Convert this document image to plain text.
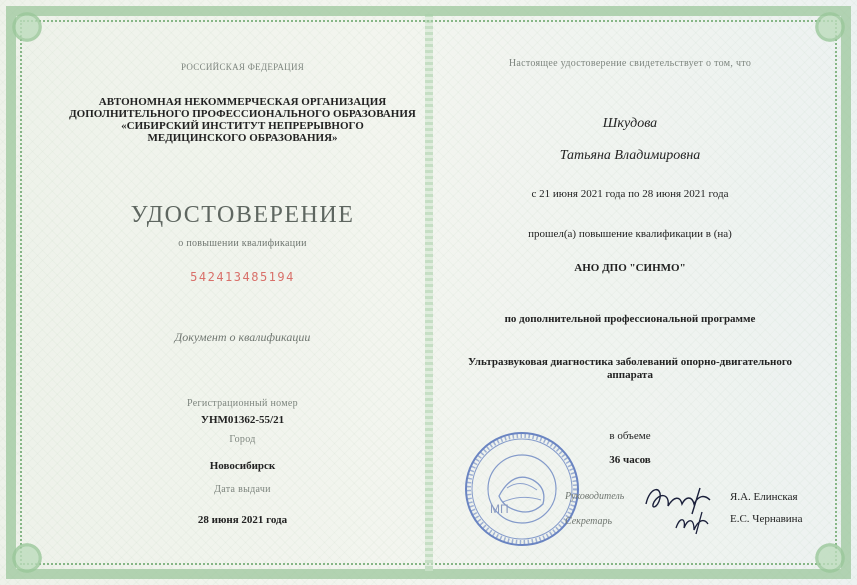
РОССИЙСКАЯ ФЕДЕРАЦИЯ
АВТОНОМНАЯ НЕКОММЕРЧЕСКАЯ ОРГАНИЗАЦИЯ
ДОПОЛНИТЕЛЬНОГО ПРОФЕССИОНАЛЬНОГО ОБРАЗОВАНИЯ
«СИБИРСКИЙ ИНСТИТУТ НЕПРЕРЫВНОГО
МЕДИЦИНСКОГО ОБРАЗОВАНИЯ»
УДОСТОВЕРЕНИЕ
о повышении квалификации
542413485194
Документ о квалификации
Регистрационный номер
УНМ01362-55/21
Город
Новосибирск
Дата выдачи
28 июня 2021 года
Настоящее удостоверение свидетельствует о том, что
Шкудова
Татьяна Владимировна
с 21 июня 2021 года по 28 июня 2021 года
прошел(а) повышение квалификации в (на)
АНО ДПО "СИНМО"
по дополнительной профессиональной программе
Ультразвуковая диагностика заболеваний опорно-двигательного
аппарата
в объеме
36 часов
МП
Руководитель	Я.А. Елинская
Секретарь	Е.С. Чернавина
